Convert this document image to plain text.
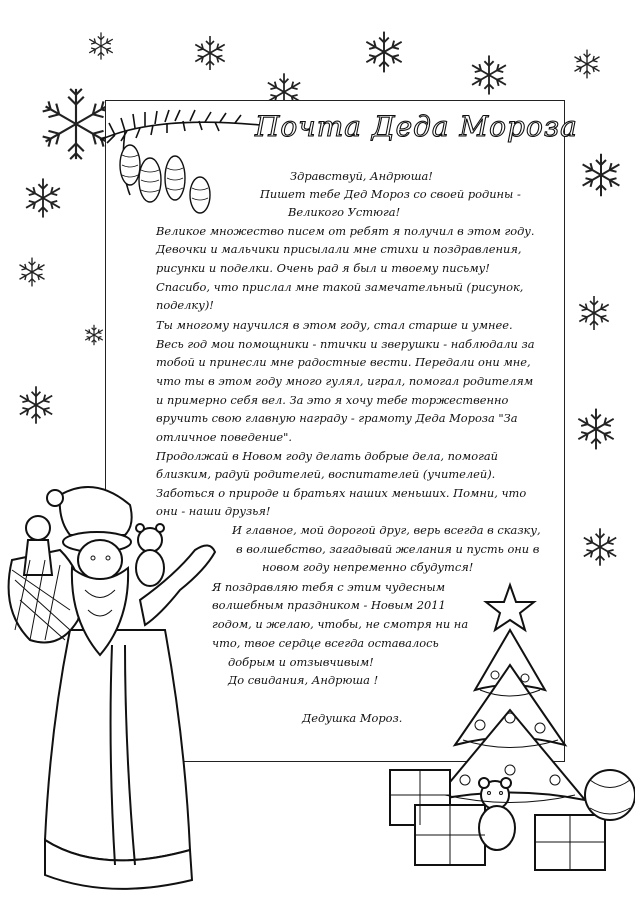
Почта Деда Мороза
Здравствуй, Андрюша!
Пишет тебе Дед Мороз со своей родины -
Великого Устюга!
Великое множество писем от ребят я получил в этом году.
Девочки и мальчики присылали мне стихи и поздравления,
рисунки и поделки. Очень рад я был и твоему письму!
Спасибо, что прислал мне такой замечательный (рисунок,
поделку)!
Ты многому научился в этом году, стал старше и умнее.
Весь год мои помощники - птички и зверушки - наблюдали за
тобой и принесли мне радостные вести. Передали они мне,
что ты в этом году много гулял, играл, помогал родителям
и примерно себя вел. За это я хочу тебе торжественно
вручить свою главную награду - грамоту Деда Мороза "За
отличное поведение".
Продолжай в Новом году делать добрые дела, помогай
близким, радуй родителей, воспитателей (учителей).
Заботься о природе и братьях наших меньших. Помни, что
они - наши друзья!
И главное, мой дорогой друг, верь всегда в сказку,
в волшебство, загадывай желания и пусть они в
новом году непременно сбудутся!
Я поздравляю тебя с этим чудесным
волшебным праздником - Новым 2011
годом, и желаю, чтобы, не смотря ни на
что, твое сердце всегда оставалось
добрым и отзывчивым!
До свидания, Андрюша !
Дедушка Мороз.
